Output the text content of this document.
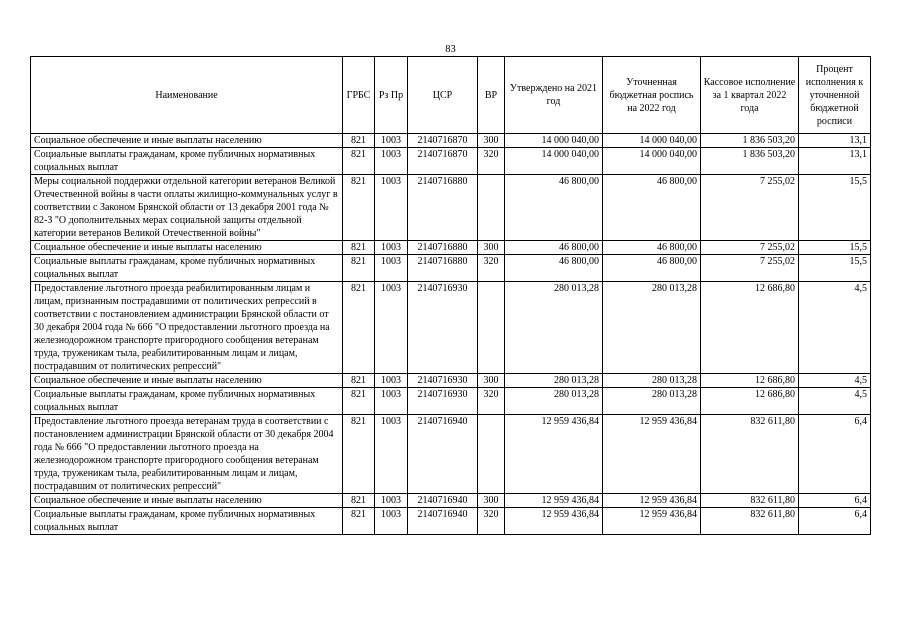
83
Наименование	ГРБС	Рз Пр	ЦСР	ВР	Утверждено на 2021 год	Уточненная бюджетная роспись на 2022 год	Кассовое исполнение за 1 квартал 2022 года	Процент исполнения к уточненной бюджетной росписи
Социальное обеспечение и иные выплаты населению	821	1003	2140716870	300	14 000 040,00	14 000 040,00	1 836 503,20	13,1
Социальные выплаты гражданам, кроме публичных нормативных социальных выплат	821	1003	2140716870	320	14 000 040,00	14 000 040,00	1 836 503,20	13,1
Меры социальной поддержки отдельной категории ветеранов Великой Отечественной войны в части оплаты жилищно-коммунальных услуг в соответствии с Законом Брянской области от 13 декабря 2001 года № 82-З "О дополнительных мерах социальной защиты отдельной категории ветеранов Великой Отечественной войны"	821	1003	2140716880		46 800,00	46 800,00	7 255,02	15,5
Социальное обеспечение и иные выплаты населению	821	1003	2140716880	300	46 800,00	46 800,00	7 255,02	15,5
Социальные выплаты гражданам, кроме публичных нормативных социальных выплат	821	1003	2140716880	320	46 800,00	46 800,00	7 255,02	15,5
Предоставление льготного проезда реабилитированным лицам и лицам, признанным пострадавшими от политических репрессий в соответствии с постановлением администрации Брянской области от 30 декабря 2004 года № 666 "О предоставлении льготного проезда на железнодорожном транспорте пригородного сообщения ветеранам труда, труженикам тыла, реабилитированным лицам и лицам, пострадавшим от политических репрессий"	821	1003	2140716930		280 013,28	280 013,28	12 686,80	4,5
Социальное обеспечение и иные выплаты населению	821	1003	2140716930	300	280 013,28	280 013,28	12 686,80	4,5
Социальные выплаты гражданам, кроме публичных нормативных социальных выплат	821	1003	2140716930	320	280 013,28	280 013,28	12 686,80	4,5
Предоставление льготного проезда ветеранам труда в соответствии с постановлением администрации Брянской области от 30 декабря 2004 года № 666 "О предоставлении льготного проезда на железнодорожном транспорте пригородного сообщения ветеранам труда, труженикам тыла, реабилитированным лицам и лицам, пострадавшим от политических репрессий"	821	1003	2140716940		12 959 436,84	12 959 436,84	832 611,80	6,4
Социальное обеспечение и иные выплаты населению	821	1003	2140716940	300	12 959 436,84	12 959 436,84	832 611,80	6,4
Социальные выплаты гражданам, кроме публичных нормативных социальных выплат	821	1003	2140716940	320	12 959 436,84	12 959 436,84	832 611,80	6,4
